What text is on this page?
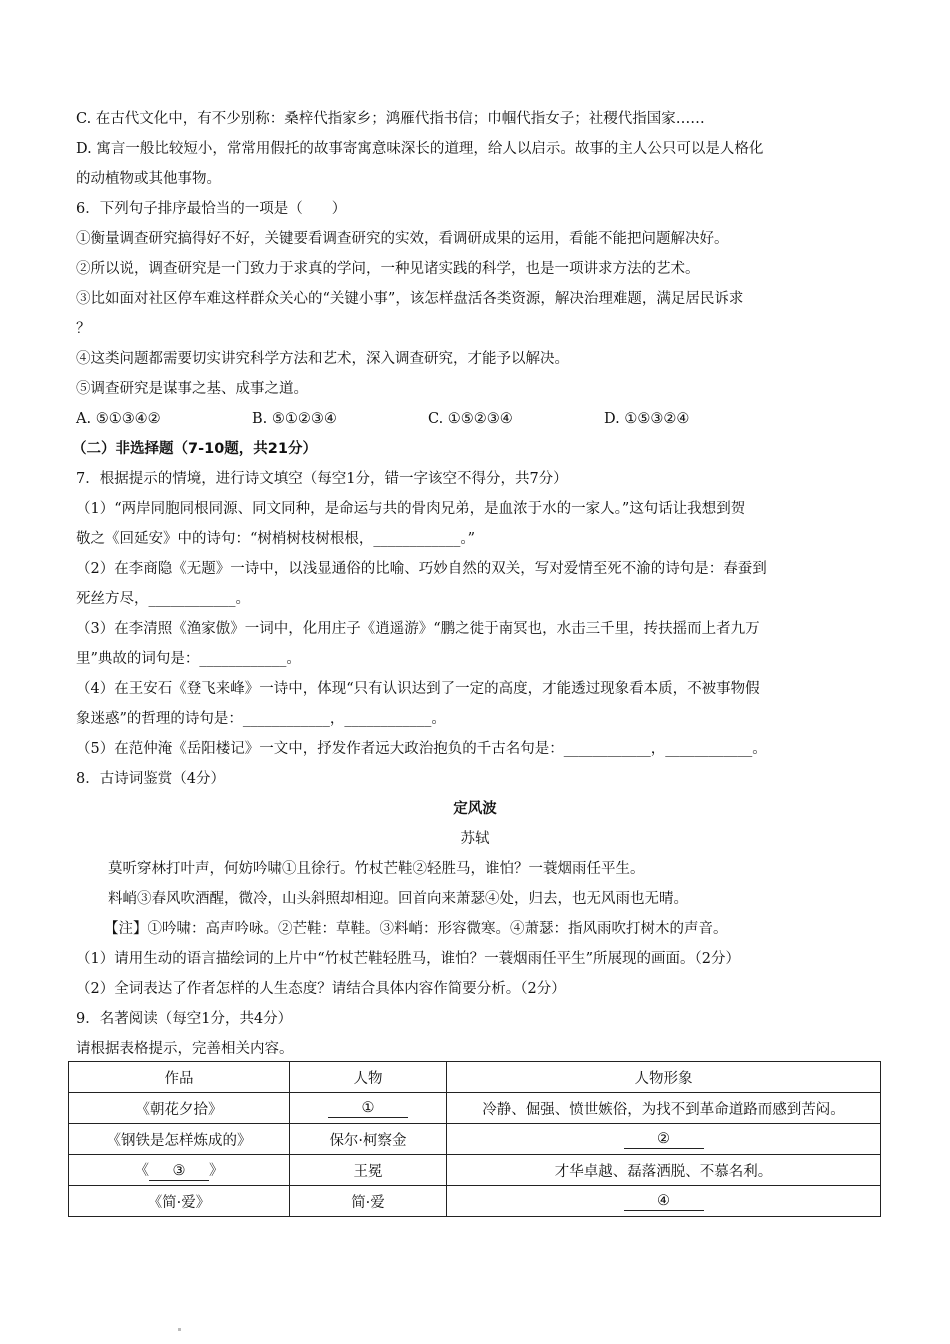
C. 在古代文化中，有不少别称：桑梓代指家乡；鸿雁代指书信；巾帼代指女子；社稷代指国家……
D. 寓言一般比较短小，常常用假托的故事寄寓意味深长的道理，给人以启示。故事的主人公只可以是人格化
的动植物或其他事物。
6．下列句子排序最恰当的一项是（　　）
①衡量调查研究搞得好不好，关键要看调查研究的实效，看调研成果的运用，看能不能把问题解决好。
②所以说，调查研究是一门致力于求真的学问，一种见诸实践的科学，也是一项讲求方法的艺术。
③比如面对社区停车难这样群众关心的“关键小事”，该怎样盘活各类资源，解决治理难题，满足居民诉求
？
④这类问题都需要切实讲究科学方法和艺术，深入调查研究，才能予以解决。
⑤调查研究是谋事之基、成事之道。
A. ⑤①③④②	B. ⑤①②③④	C. ①⑤②③④	D. ①⑤③②④
（二）非选择题（7-10题，共21分）
7．根据提示的情境，进行诗文填空（每空1分，错一字该空不得分，共7分）
（1）“两岸同胞同根同源、同文同种，是命运与共的骨肉兄弟，是血浓于水的一家人。”这句话让我想到贺
敬之《回延安》中的诗句：“树梢树枝树根根，____________。”
（2）在李商隐《无题》一诗中，以浅显通俗的比喻、巧妙自然的双关，写对爱情至死不渝的诗句是：春蚕到
死丝方尽，____________。
（3）在李清照《渔家傲》一词中，化用庄子《逍遥游》“鹏之徙于南冥也，水击三千里，抟扶摇而上者九万
里”典故的词句是：____________。
（4）在王安石《登飞来峰》一诗中，体现“只有认识达到了一定的高度，才能透过现象看本质，不被事物假
象迷惑”的哲理的诗句是：____________，____________。
（5）在范仲淹《岳阳楼记》一文中，抒发作者远大政治抱负的千古名句是：____________，____________。
8．古诗词鉴赏（4分）
定风波
苏轼
莫听穿林打叶声，何妨吟啸①且徐行。竹杖芒鞋②轻胜马，谁怕？一蓑烟雨任平生。
料峭③春风吹酒醒，微冷，山头斜照却相迎。回首向来萧瑟④处，归去，也无风雨也无晴。
【注】①吟啸：高声吟咏。②芒鞋：草鞋。③料峭：形容微寒。④萧瑟：指风雨吹打树木的声音。
（1）请用生动的语言描绘词的上片中“竹杖芒鞋轻胜马，谁怕？一蓑烟雨任平生”所展现的画面。（2分）
（2）全词表达了作者怎样的人生态度？请结合具体内容作简要分析。（2分）
9．名著阅读（每空1分，共4分）
请根据表格提示，完善相关内容。
作品	人物	人物形象
《朝花夕拾》	①	冷静、倔强、愤世嫉俗，为找不到革命道路而感到苦闷。
《钢铁是怎样炼成的》	保尔·柯察金	②
《 ③ 》	王冕	才华卓越、磊落洒脱、不慕名利。
《简·爱》	简·爱	④
